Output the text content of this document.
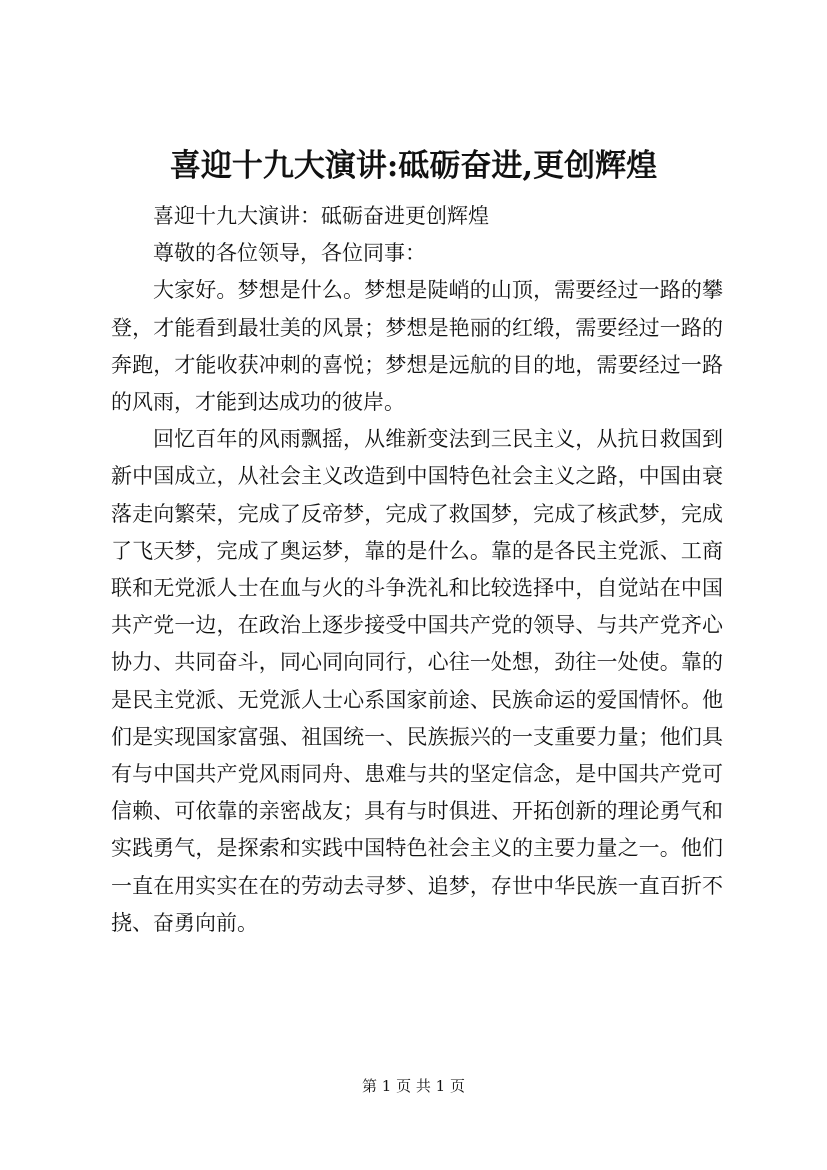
喜迎十九大演讲:砥砺奋进,更创辉煌

喜迎十九大演讲：砥砺奋进更创辉煌

尊敬的各位领导，各位同事：

大家好。梦想是什么。梦想是陡峭的山顶，需要经过一路的攀登，才能看到最壮美的风景；梦想是艳丽的红缎，需要经过一路的奔跑，才能收获冲刺的喜悦；梦想是远航的目的地，需要经过一路的风雨，才能到达成功的彼岸。

回忆百年的风雨飘摇，从维新变法到三民主义，从抗日救国到新中国成立，从社会主义改造到中国特色社会主义之路，中国由衰落走向繁荣，完成了反帝梦，完成了救国梦，完成了核武梦，完成了飞天梦，完成了奥运梦，靠的是什么。靠的是各民主党派、工商联和无党派人士在血与火的斗争洗礼和比较选择中，自觉站在中国共产党一边，在政治上逐步接受中国共产党的领导、与共产党齐心协力、共同奋斗，同心同向同行，心往一处想，劲往一处使。靠的是民主党派、无党派人士心系国家前途、民族命运的爱国情怀。他们是实现国家富强、祖国统一、民族振兴的一支重要力量；他们具有与中国共产党风雨同舟、患难与共的坚定信念，是中国共产党可信赖、可依靠的亲密战友；具有与时俱进、开拓创新的理论勇气和实践勇气，是探索和实践中国特色社会主义的主要力量之一。他们一直在用实实在在的劳动去寻梦、追梦，存世中华民族一直百折不挠、奋勇向前。

第 1 页 共 1 页
